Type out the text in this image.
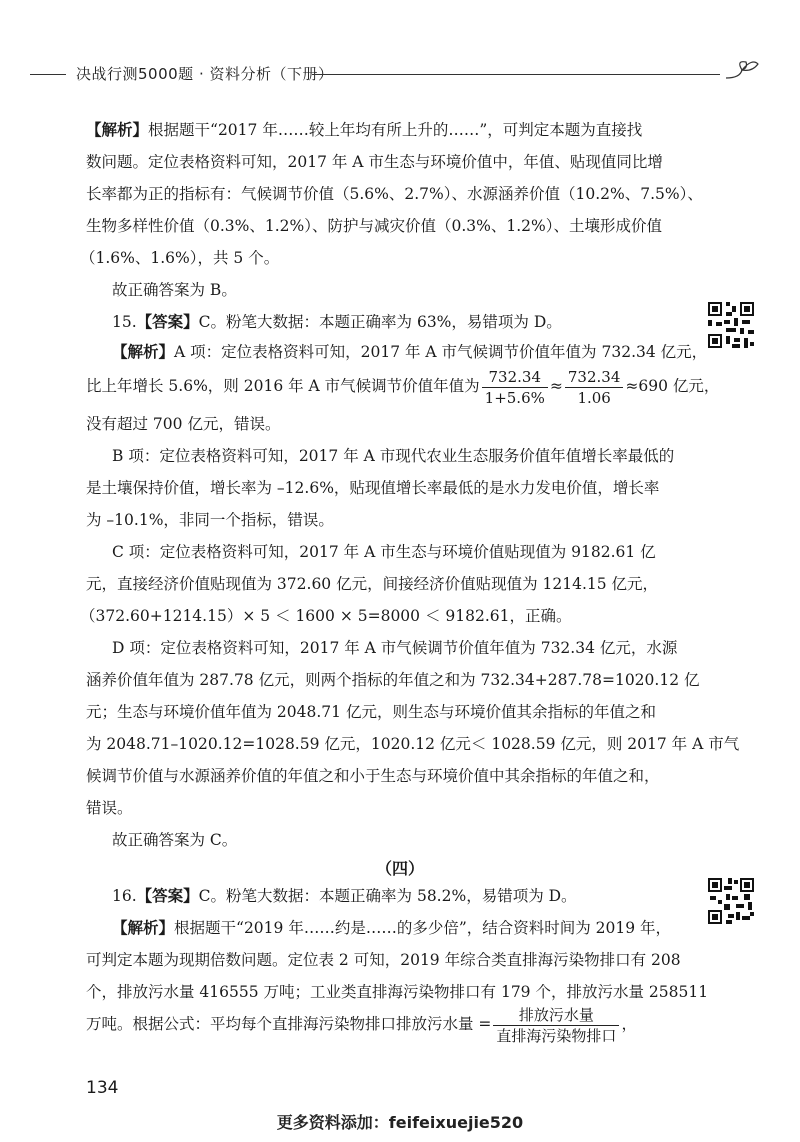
决战行测5000题 · 资料分析（下册）
【解析】根据题干“2017 年……较上年均有所上升的……”，可判定本题为直接找
数问题。定位表格资料可知，2017 年 A 市生态与环境价值中，年值、贴现值同比增
长率都为正的指标有：气候调节价值（5.6%、2.7%）、水源涵养价值（10.2%、7.5%）、
生物多样性价值（0.3%、1.2%）、防护与减灾价值（0.3%、1.2%）、土壤形成价值
（1.6%、1.6%），共 5 个。
故正确答案为 B。
15.【答案】C。粉笔大数据：本题正确率为 63%，易错项为 D。
【解析】A 项：定位表格资料可知，2017 年 A 市气候调节价值年值为 732.34 亿元，
比上年增长 5.6%，则 2016 年 A 市气候调节价值年值为 $\frac{732.34}{1+5.6\%} \approx \frac{732.34}{1.06} \approx 690$ 亿元，
没有超过 700 亿元，错误。
B 项：定位表格资料可知，2017 年 A 市现代农业生态服务价值年值增长率最低的
是土壤保持价值，增长率为 –12.6%，贴现值增长率最低的是水力发电价值，增长率
为 –10.1%，非同一个指标，错误。
C 项：定位表格资料可知，2017 年 A 市生态与环境价值贴现值为 9182.61 亿
元，直接经济价值贴现值为 372.60 亿元，间接经济价值贴现值为 1214.15 亿元，
（372.60+1214.15）× 5 ＜ 1600 × 5=8000 ＜ 9182.61，正确。
D 项：定位表格资料可知，2017 年 A 市气候调节价值年值为 732.34 亿元，水源
涵养价值年值为 287.78 亿元，则两个指标的年值之和为 732.34+287.78=1020.12 亿
元；生态与环境价值年值为 2048.71 亿元，则生态与环境价值其余指标的年值之和
为 2048.71–1020.12=1028.59 亿元，1020.12 亿元＜ 1028.59 亿元，则 2017 年 A 市气
候调节价值与水源涵养价值的年值之和小于生态与环境价值中其余指标的年值之和，
错误。
故正确答案为 C。
（四）
16.【答案】C。粉笔大数据：本题正确率为 58.2%，易错项为 D。
【解析】根据题干“2019 年……约是……的多少倍”，结合资料时间为 2019 年，
可判定本题为现期倍数问题。定位表 2 可知，2019 年综合类直排海污染物排口有 208
个，排放污水量 416555 万吨；工业类直排海污染物排口有 179 个，排放污水量 258511
万吨。根据公式：平均每个直排海污染物排口排放污水量 = $\frac{\text{排放污水量}}{\text{直排海污染物排口}}$ ，
134
更多资料添加：feifeixuejie520
